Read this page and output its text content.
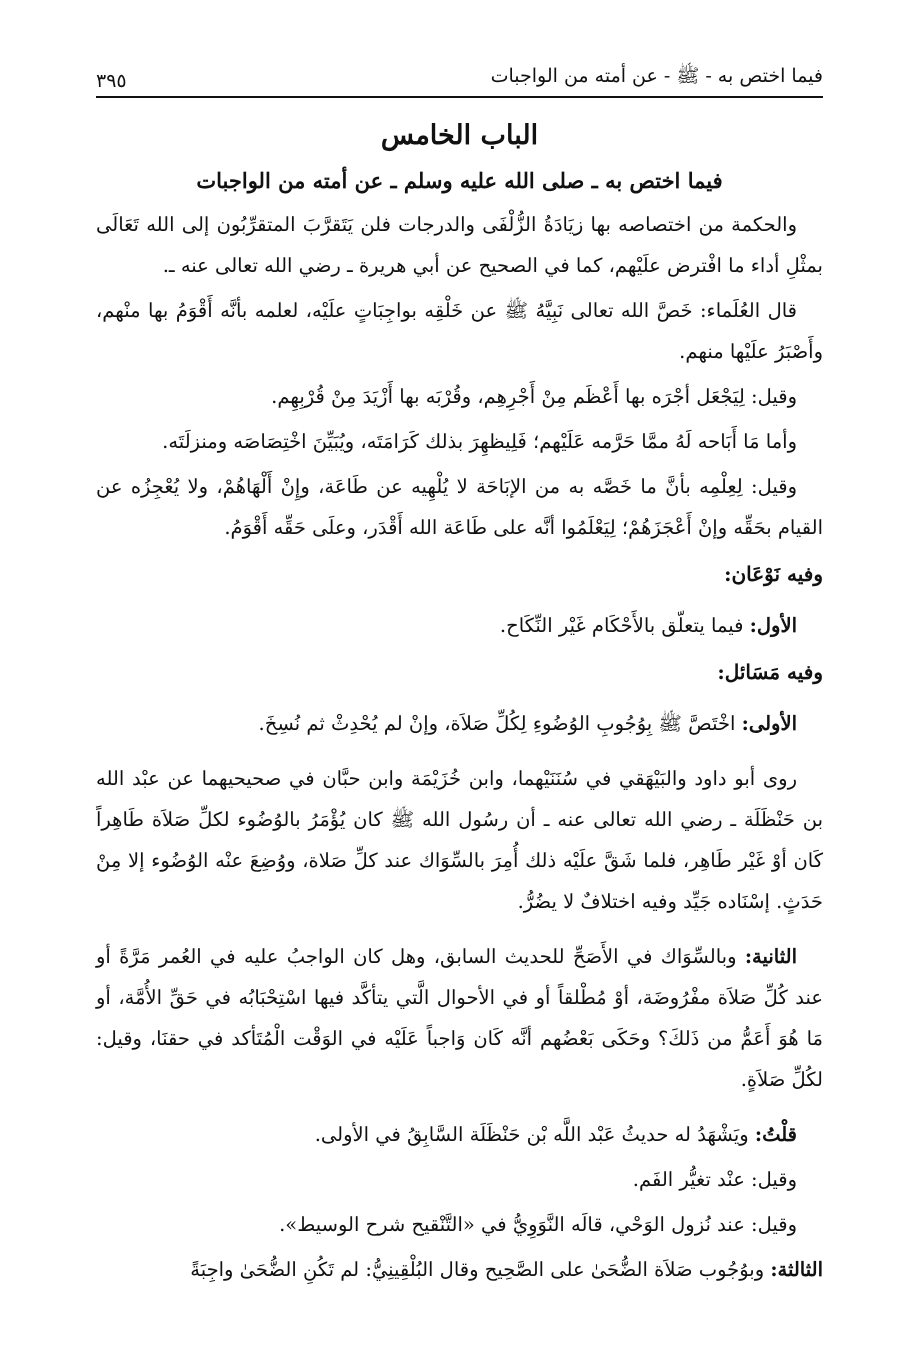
فيما اختص به - ﷺ - عن أمته من الواجبات
٣٩٥
الباب الخامس
فيما اختص به ـ صلى الله عليه وسلم ـ عن أمته من الواجبات

والحكمة من اختصاصه بها زيَادَةُ الزُّلْفَى والدرجات فلن يَتَقرَّبَ المتقرِّبُون إلى الله تَعَالَى بمثْلِ أداء ما افْترض علَيْهم، كما في الصحيح عن أبي هريرة ـ رضي الله تعالى عنه ـ.

قال العُلَماء: خَصَّ الله تعالى نَبِيَّهُ ﷺ عن خَلْقِه بواجِبَاتٍ علَيْه، لعلمه بأنَّه أَقْوَمُ بها منْهم، وأَصْبَرُ علَيْها منهم.

وقيل: لِيَجْعَل أجْرَه بها أَعْظَم مِنْ أَجْرِهِم، وقُرْبَه بها أَزْيَدَ مِنْ قُرْبِهِم.

وأما مَا أَبَاحه لَهُ ممَّا حَرَّمه عَلَيْهم؛ فَلِيظهِرَ بذلك كَرَامَتَه، ويُبَيِّنَ اخْتِصَاصَه ومنزلَتَه.

وقيل: لِعِلْمِه بأنَّ ما خَصَّه به من الإبَاحَة لا يُلْهِيه عن طَاعَة، وإِنْ أَلْهَاهُمْ، ولا يُعْجِزُه عن القيام بحَقِّه وإنْ أَعْجَزَهُمْ؛ لِيَعْلَمُوا أنَّه على طَاعَة الله أَقْدَر، وعلَى حَقِّه أَقْوَمُ.

وفيه نَوْعَان:

الأول: فيما يتعلّق بالأَحْكَام غَيْر النِّكَاح.

وفيه مَسَائل:

الأولى: اخْتَصَّ ﷺ بِوُجُوبِ الوُضُوءِ لِكُلِّ صَلاَة، وإنْ لم يُحْدِثْ ثم نُسِخَ.

روى أبو داود والبَيْهَقي في سُنَنَيْهما، وابن خُزَيْمَة وابن حبَّان في صحيحيهما عن عبْد الله بن حَنْظَلَة ـ رضي الله تعالى عنه ـ أن رسُول الله ﷺ كان يُؤْمَرُ بالوُضُوء لكلِّ صَلاَة طَاهِراً كَان أوْ غَيْر طَاهِر، فلما شَقَّ علَيْه ذلك أُمِرَ بالسِّوَاك عند كلِّ صَلاة، ووُضِعَ عنْه الوُضُوء إلا مِنْ حَدَثٍ. إسْنَاده جَيِّد وفيه اختلافٌ لا يضُرُّ.

الثانية: وبالسِّوَاك في الأَصَحِّ للحديث السابق، وهل كان الواجبُ عليه في العُمر مَرَّةً أو عند كُلِّ صَلاَة مفْرُوضَة، أوْ مُطْلقاً أو في الأحوال الَّتي يتأكَّد فيها اسْتِحْبَابُه في حَقِّ الأُمَّة، أو مَا هُوَ أَعَمُّ من ذَلكَ؟ وحَكَى بَعْضُهم أنَّه كَان وَاجباً عَلَيْه في الوَقْت الْمُتَأكد في حقنَا، وقيل: لكُلِّ صَلاَةٍ.

قلْتُ: ويَشْهَدُ له حديثُ عَبْد اللَّه بْن حَنْظَلَة السَّابِقُ في الأولى.

وقيل: عنْد تغيُّر الفَم.

وقيل: عند نُزول الوَحْي، قالَه النَّوَوِيُّ في «التَّنْقيح شرح الوسيط».

الثالثة: وبوُجُوب صَلاَة الضُّحَىٰ على الصَّحِيح وقال البُلْقِينِيُّ: لم تَكُنِ الضُّحَىٰ واجِبَةً
